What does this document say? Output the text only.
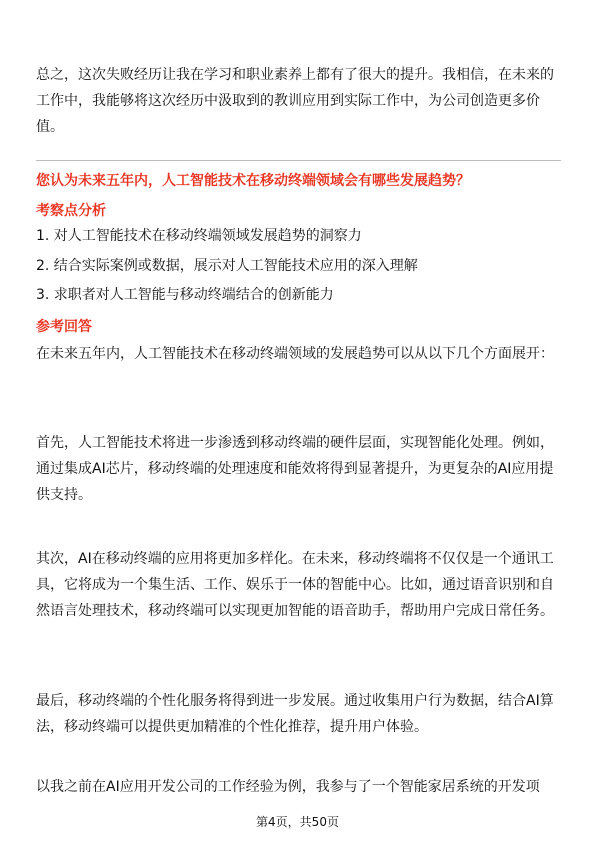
总之，这次失败经历让我在学习和职业素养上都有了很大的提升。我相信，在未来的工作中，我能够将这次经历中汲取到的教训应用到实际工作中，为公司创造更多价值。

您认为未来五年内，人工智能技术在移动终端领域会有哪些发展趋势？

考察点分析

1. 对人工智能技术在移动终端领域发展趋势的洞察力

2. 结合实际案例或数据，展示对人工智能技术应用的深入理解

3. 求职者对人工智能与移动终端结合的创新能力

参考回答

在未来五年内，人工智能技术在移动终端领域的发展趋势可以从以下几个方面展开：

首先，人工智能技术将进一步渗透到移动终端的硬件层面，实现智能化处理。例如，通过集成AI芯片，移动终端的处理速度和能效将得到显著提升，为更复杂的AI应用提供支持。

其次，AI在移动终端的应用将更加多样化。在未来，移动终端将不仅仅是一个通讯工具，它将成为一个集生活、工作、娱乐于一体的智能中心。比如，通过语音识别和自然语言处理技术，移动终端可以实现更加智能的语音助手，帮助用户完成日常任务。

最后，移动终端的个性化服务将得到进一步发展。通过收集用户行为数据，结合AI算法，移动终端可以提供更加精准的个性化推荐，提升用户体验。

以我之前在AI应用开发公司的工作经验为例，我参与了一个智能家居系统的开发项

第4页，共50页
